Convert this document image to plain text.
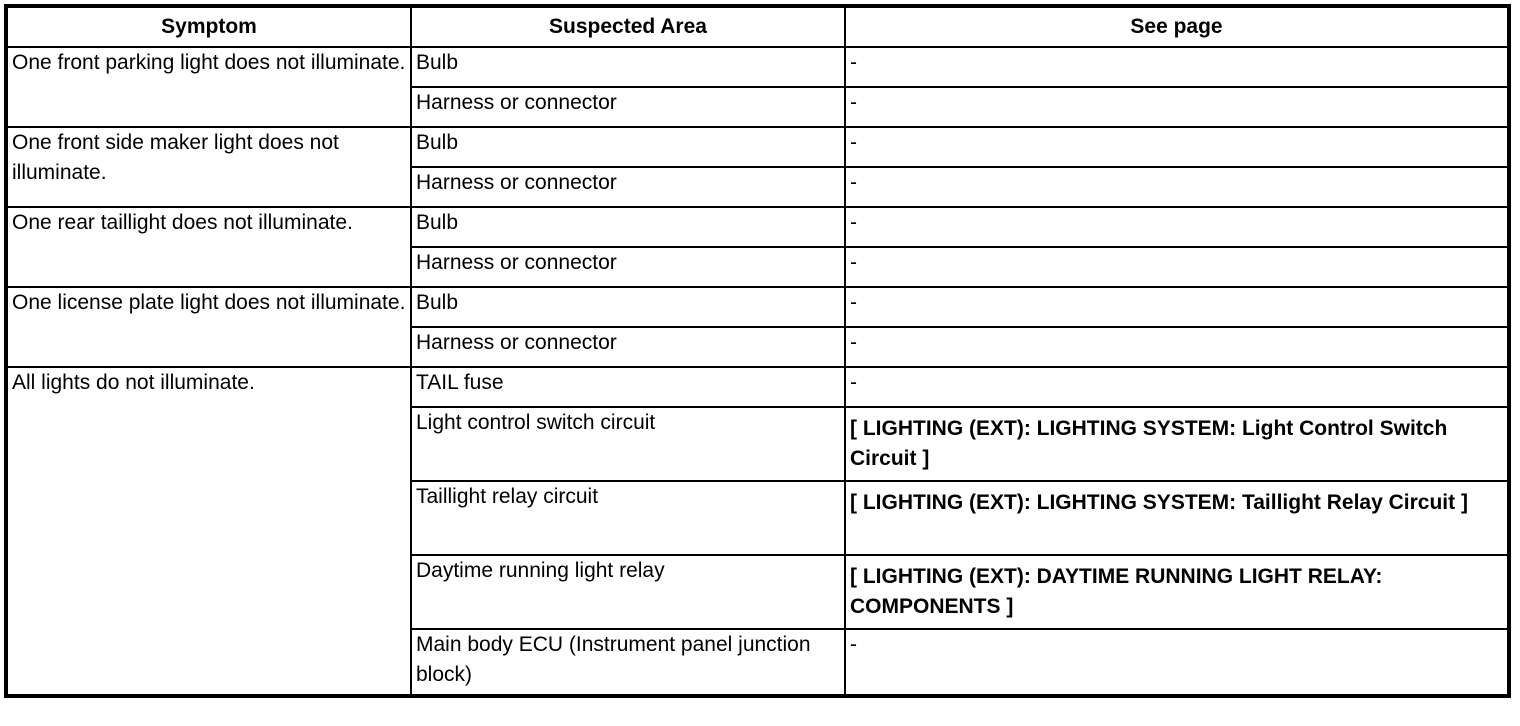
Symptom	Suspected Area	See page
One front parking light does not illuminate.	Bulb	-
	Harness or connector	-
One front side maker light does not illuminate.	Bulb	-
	Harness or connector	-
One rear taillight does not illuminate.	Bulb	-
	Harness or connector	-
One license plate light does not illuminate.	Bulb	-
	Harness or connector	-
All lights do not illuminate.	TAIL fuse	-
	Light control switch circuit	[ LIGHTING (EXT): LIGHTING SYSTEM: Light Control Switch Circuit ]
	Taillight relay circuit	[ LIGHTING (EXT): LIGHTING SYSTEM: Taillight Relay Circuit ]
	Daytime running light relay	[ LIGHTING (EXT): DAYTIME RUNNING LIGHT RELAY: COMPONENTS ]
	Main body ECU (Instrument panel junction block)	-
